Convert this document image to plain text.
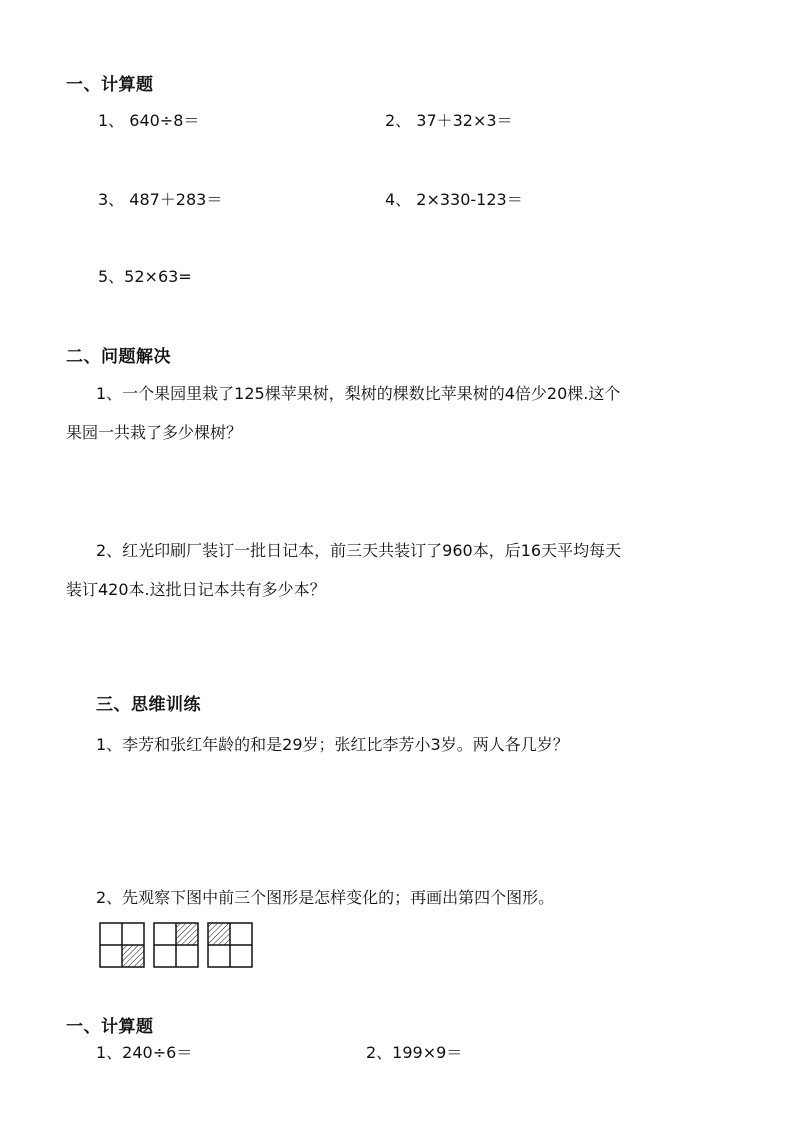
一、计算题
1、 640÷8＝	2、 37＋32×3＝
3、 487＋283＝	4、 2×330-123＝
5、52×63=
二、问题解决
1、一个果园里栽了125棵苹果树，梨树的棵数比苹果树的4倍少20棵.这个
果园一共栽了多少棵树？
2、红光印刷厂装订一批日记本，前三天共装订了960本，后16天平均每天
装订420本.这批日记本共有多少本？
三、思维训练
1、李芳和张红年龄的和是29岁；张红比李芳小3岁。两人各几岁？
2、先观察下图中前三个图形是怎样变化的；再画出第四个图形。
一、计算题
1、240÷6＝	2、199×9＝
